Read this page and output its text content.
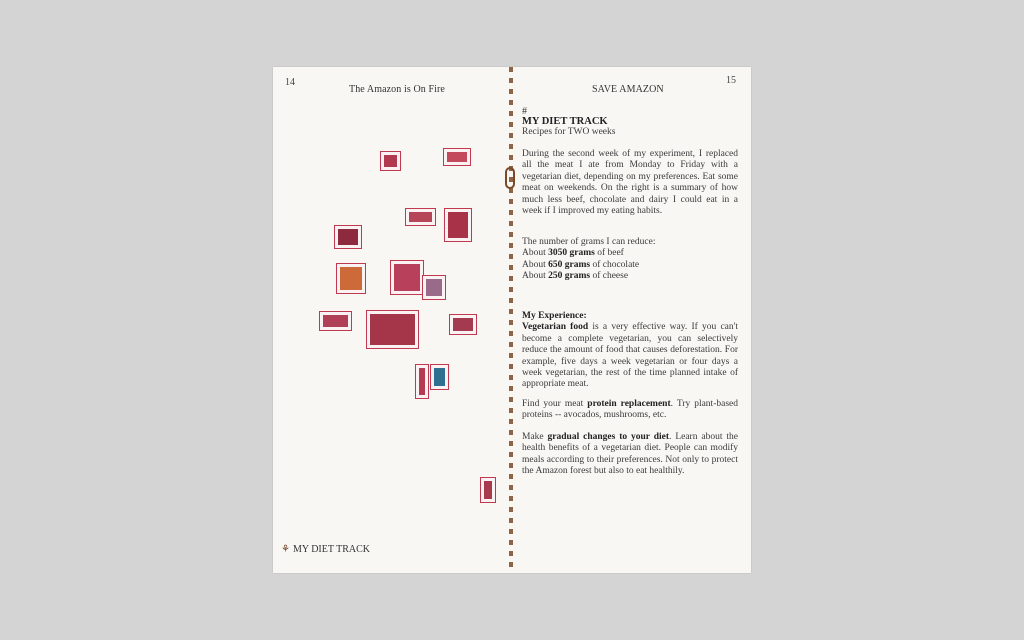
14
The Amazon is On Fire
⚘ MY DIET TRACK
SAVE AMAZON
15
#
MY DIET TRACK
Recipes for TWO weeks
During the second week of my experiment, I replaced all the meat I ate from Monday to Friday with a vegetarian diet, depending on my preferences. Eat some meat on weekends. On the right is a summary of how much less beef, chocolate and dairy I could eat in a week if I improved my eating habits.
The number of grams I can reduce:
About 3050 grams of beef
About 650 grams of chocolate
About 250 grams of cheese
My Experience:
Vegetarian food is a very effective way. If you can't become a complete vegetarian, you can selectively reduce the amount of food that causes deforestation. For example, five days a week vegetarian or four days a week vegetarian, the rest of the time planned intake of appropriate meat.
Find your meat protein replacement. Try plant-based proteins -- avocados, mushrooms, etc.
Make gradual changes to your diet. Learn about the health benefits of a vegetarian diet. People can modify meals according to their preferences. Not only to protect the Amazon forest but also to eat healthily.
